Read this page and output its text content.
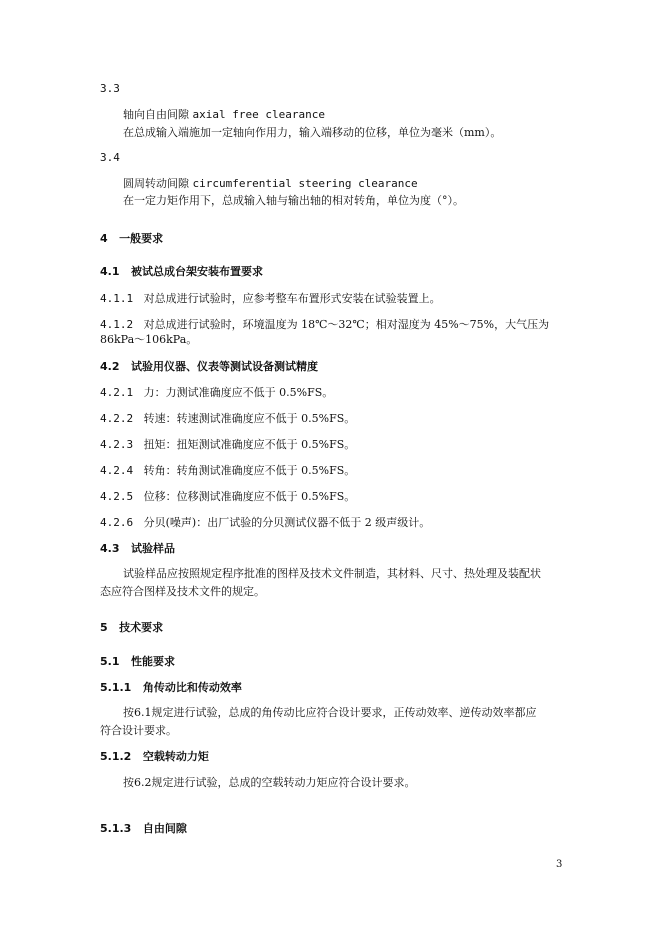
3.3
轴向自由间隙 axial free clearance
在总成输入端施加一定轴向作用力，输入端移动的位移，单位为毫米（mm）。
3.4
圆周转动间隙 circumferential steering clearance
在一定力矩作用下，总成输入轴与输出轴的相对转角，单位为度（°）。
4 一般要求
4.1 被试总成台架安装布置要求
4.1.1 对总成进行试验时，应参考整车布置形式安装在试验装置上。
4.1.2 对总成进行试验时，环境温度为 18℃～32℃；相对湿度为 45%～75%，大气压为
86kPa～106kPa。
4.2 试验用仪器、仪表等测试设备测试精度
4.2.1 力：力测试准确度应不低于 0.5%FS。
4.2.2 转速：转速测试准确度应不低于 0.5%FS。
4.2.3 扭矩：扭矩测试准确度应不低于 0.5%FS。
4.2.4 转角：转角测试准确度应不低于 0.5%FS。
4.2.5 位移：位移测试准确度应不低于 0.5%FS。
4.2.6 分贝(噪声)：出厂试验的分贝测试仪器不低于 2 级声级计。
4.3 试验样品
试验样品应按照规定程序批准的图样及技术文件制造，其材料、尺寸、热处理及装配状
态应符合图样及技术文件的规定。
5 技术要求
5.1 性能要求
5.1.1 角传动比和传动效率
按6.1规定进行试验，总成的角传动比应符合设计要求，正传动效率、逆传动效率都应
符合设计要求。
5.1.2 空载转动力矩
按6.2规定进行试验，总成的空载转动力矩应符合设计要求。
5.1.3 自由间隙
3
